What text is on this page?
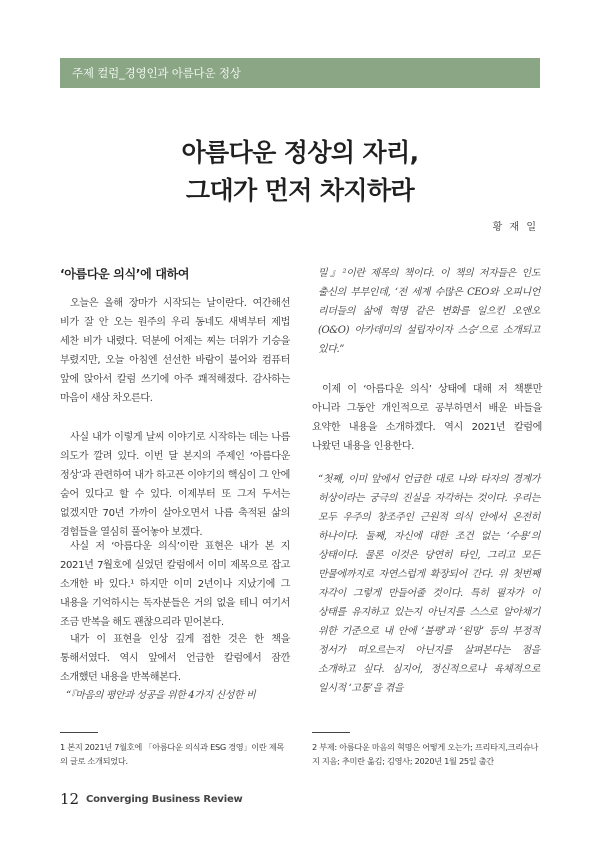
주제 컬럼_경영인과 아름다운 정상
아름다운 정상의 자리,
그대가 먼저 차지하라
황 재 일
‘아름다운 의식’에 대하여

오늘은 올해 장마가 시작되는 날이란다. 여간해선 비가 잘 안 오는 원주의 우리 동네도 새벽부터 제법 세찬 비가 내렸다. 덕분에 어제는 찌는 더위가 기승을 부렸지만, 오늘 아침엔 선선한 바람이 불어와 컴퓨터 앞에 앉아서 칼럼 쓰기에 아주 쾌적해졌다. 감사하는 마음이 새삼 차오른다.

사실 내가 이렇게 날씨 이야기로 시작하는 데는 나름 의도가 깔려 있다. 이번 달 본지의 주제인 ‘아름다운 정상’과 관련하여 내가 하고픈 이야기의 핵심이 그 안에 숨어 있다고 할 수 있다. 이제부터 또 그저 두서는 없겠지만 70년 가까이 살아오면서 나름 축적된 삶의 경험들을 열심히 풀어놓아 보겠다.

사실 저 ‘아름다운 의식’이란 표현은 내가 본 지 2021년 7월호에 실었던 칼럼에서 이미 제목으로 잡고 소개한 바 있다.¹ 하지만 이미 2년이나 지났기에 그 내용을 기억하시는 독자분들은 거의 없을 테니 여기서 조금 반복을 해도 괜찮으리라 믿어본다.

내가 이 표현을 인상 깊게 접한 것은 한 책을 통해서였다. 역시 앞에서 언급한 칼럼에서 잠깐 소개했던 내용을 반복해본다.

“『마음의 평안과 성공을 위한 4가지 신성한 비

밀』²이란 제목의 책이다. 이 책의 저자들은 인도 출신의 부부인데, ‘전 세계 수많은 CEO와 오피니언 리더들의 삶에 혁명 같은 변화를 일으킨 오앤오(O&O) 아카데미의 설립자이자 스승’으로 소개되고 있다.”

이제 이 ‘아름다운 의식’ 상태에 대해 저 책뿐만 아니라 그동안 개인적으로 공부하면서 배운 바들을 요약한 내용을 소개하겠다. 역시 2021년 칼럼에 나왔던 내용을 인용한다.

“첫째, 이미 앞에서 언급한 대로 나와 타자의 경계가 허상이라는 궁극의 진실을 자각하는 것이다. 우리는 모두 우주의 창조주인 근원적 의식 안에서 온전히 하나이다. 둘째, 자신에 대한 조건 없는 ‘수용’의 상태이다. 물론 이것은 당연히 타인, 그리고 모든 만물에까지로 자연스럽게 확장되어 간다. 위 첫번째 자각이 그렇게 만들어줄 것이다. 특히 필자가 이 상태를 유지하고 있는지 아닌지를 스스로 알아채기 위한 기준으로 내 안에 ‘불평’과 ‘원망’ 등의 부정적 정서가 떠오르는지 아닌지를 살펴본다는 점을 소개하고 싶다. 심지어, 정신적으로나 육체적으로 일시적 ‘고통’을 겪을

1 본지 2021년 7월호에 「아름다운 의식과 ESG 경영」이란 제목의 글로 소개되었다.

2 부제: 아름다운 마음의 혁명은 어떻게 오는가; 프리타지,크리슈나지 지음; 추미란 옮김; 김영사; 2020년 1월 25일 출간

12 Converging Business Review
